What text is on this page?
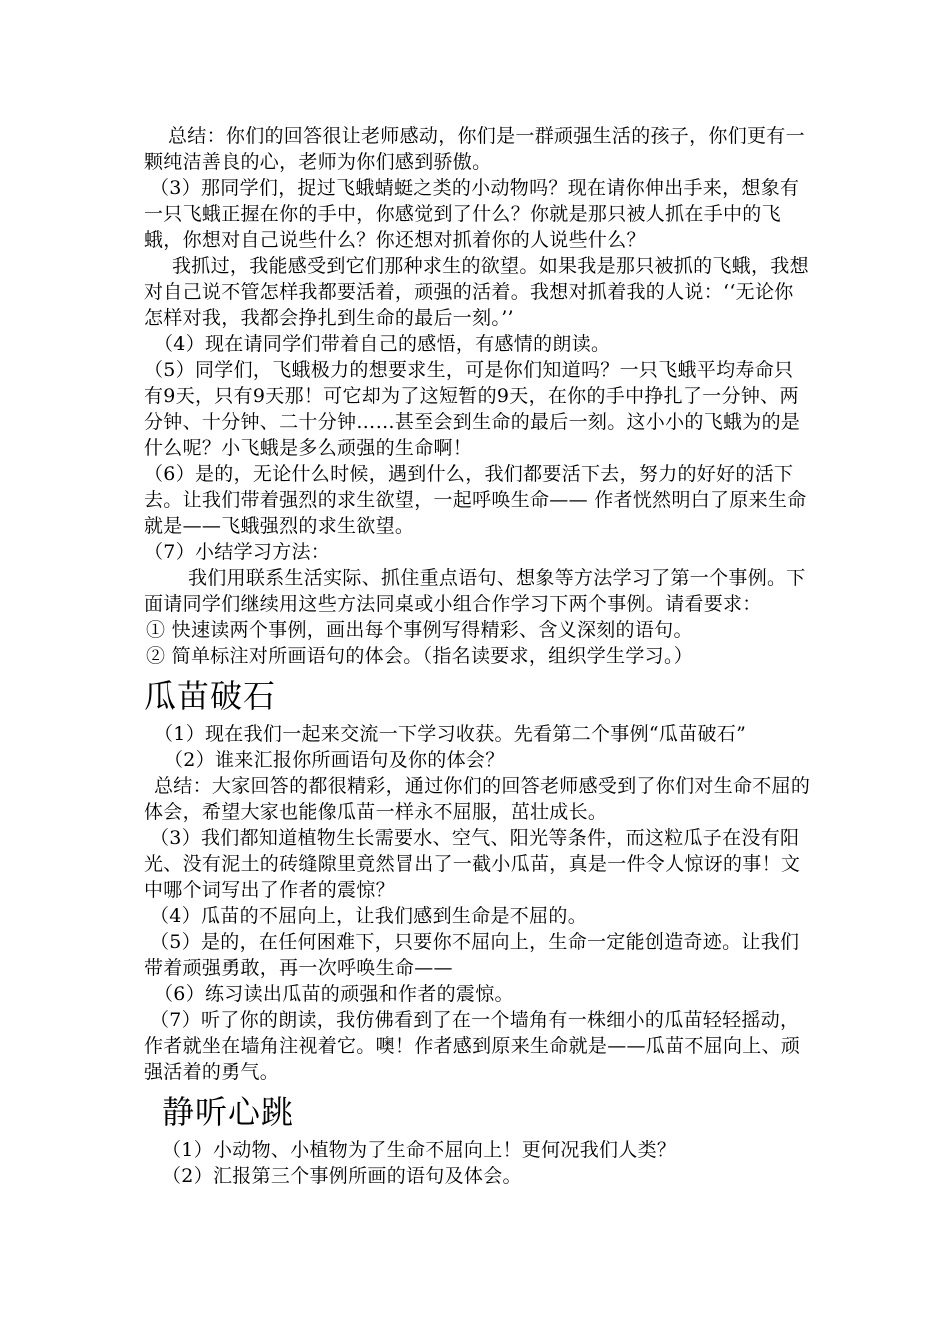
总结：你们的回答很让老师感动，你们是一群顽强生活的孩子，你们更有一颗纯洁善良的心，老师为你们感到骄傲。

（3）那同学们，捉过飞蛾蜻蜓之类的小动物吗？现在请你伸出手来，想象有一只飞蛾正握在你的手中，你感觉到了什么？你就是那只被人抓在手中的飞蛾，你想对自己说些什么？你还想对抓着你的人说些什么？

我抓过，我能感受到它们那种求生的欲望。如果我是那只被抓的飞蛾，我想对自己说不管怎样我都要活着，顽强的活着。我想对抓着我的人说：‘‘无论你怎样对我，我都会挣扎到生命的最后一刻。’’

（4）现在请同学们带着自己的感悟，有感情的朗读。

（5）同学们，飞蛾极力的想要求生，可是你们知道吗？一只飞蛾平均寿命只有9天，只有9天那！可它却为了这短暂的9天，在你的手中挣扎了一分钟、两分钟、十分钟、二十分钟……甚至会到生命的最后一刻。这小小的飞蛾为的是什么呢？小飞蛾是多么顽强的生命啊！

（6）是的，无论什么时候，遇到什么，我们都要活下去，努力的好好的活下去。让我们带着强烈的求生欲望，一起呼唤生命—— 作者恍然明白了原来生命就是——飞蛾强烈的求生欲望。

（7）小结学习方法：

我们用联系生活实际、抓住重点语句、想象等方法学习了第一个事例。下面请同学们继续用这些方法同桌或小组合作学习下两个事例。请看要求：

① 快速读两个事例，画出每个事例写得精彩、含义深刻的语句。

② 简单标注对所画语句的体会。（指名读要求，组织学生学习。）

瓜苗破石

（1）现在我们一起来交流一下学习收获。先看第二个事例“瓜苗破石”

（2）谁来汇报你所画语句及你的体会？

总结：大家回答的都很精彩，通过你们的回答老师感受到了你们对生命不屈的体会，希望大家也能像瓜苗一样永不屈服，茁壮成长。

（3）我们都知道植物生长需要水、空气、阳光等条件，而这粒瓜子在没有阳光、没有泥土的砖缝隙里竟然冒出了一截小瓜苗，真是一件令人惊讶的事！文中哪个词写出了作者的震惊？

（4）瓜苗的不屈向上，让我们感到生命是不屈的。

（5）是的，在任何困难下，只要你不屈向上，生命一定能创造奇迹。让我们带着顽强勇敢，再一次呼唤生命——

（6）练习读出瓜苗的顽强和作者的震惊。

（7）听了你的朗读，我仿佛看到了在一个墙角有一株细小的瓜苗轻轻摇动，作者就坐在墙角注视着它。噢！作者感到原来生命就是——瓜苗不屈向上、顽强活着的勇气。

静听心跳

（1）小动物、小植物为了生命不屈向上！更何况我们人类？

（2）汇报第三个事例所画的语句及体会。
